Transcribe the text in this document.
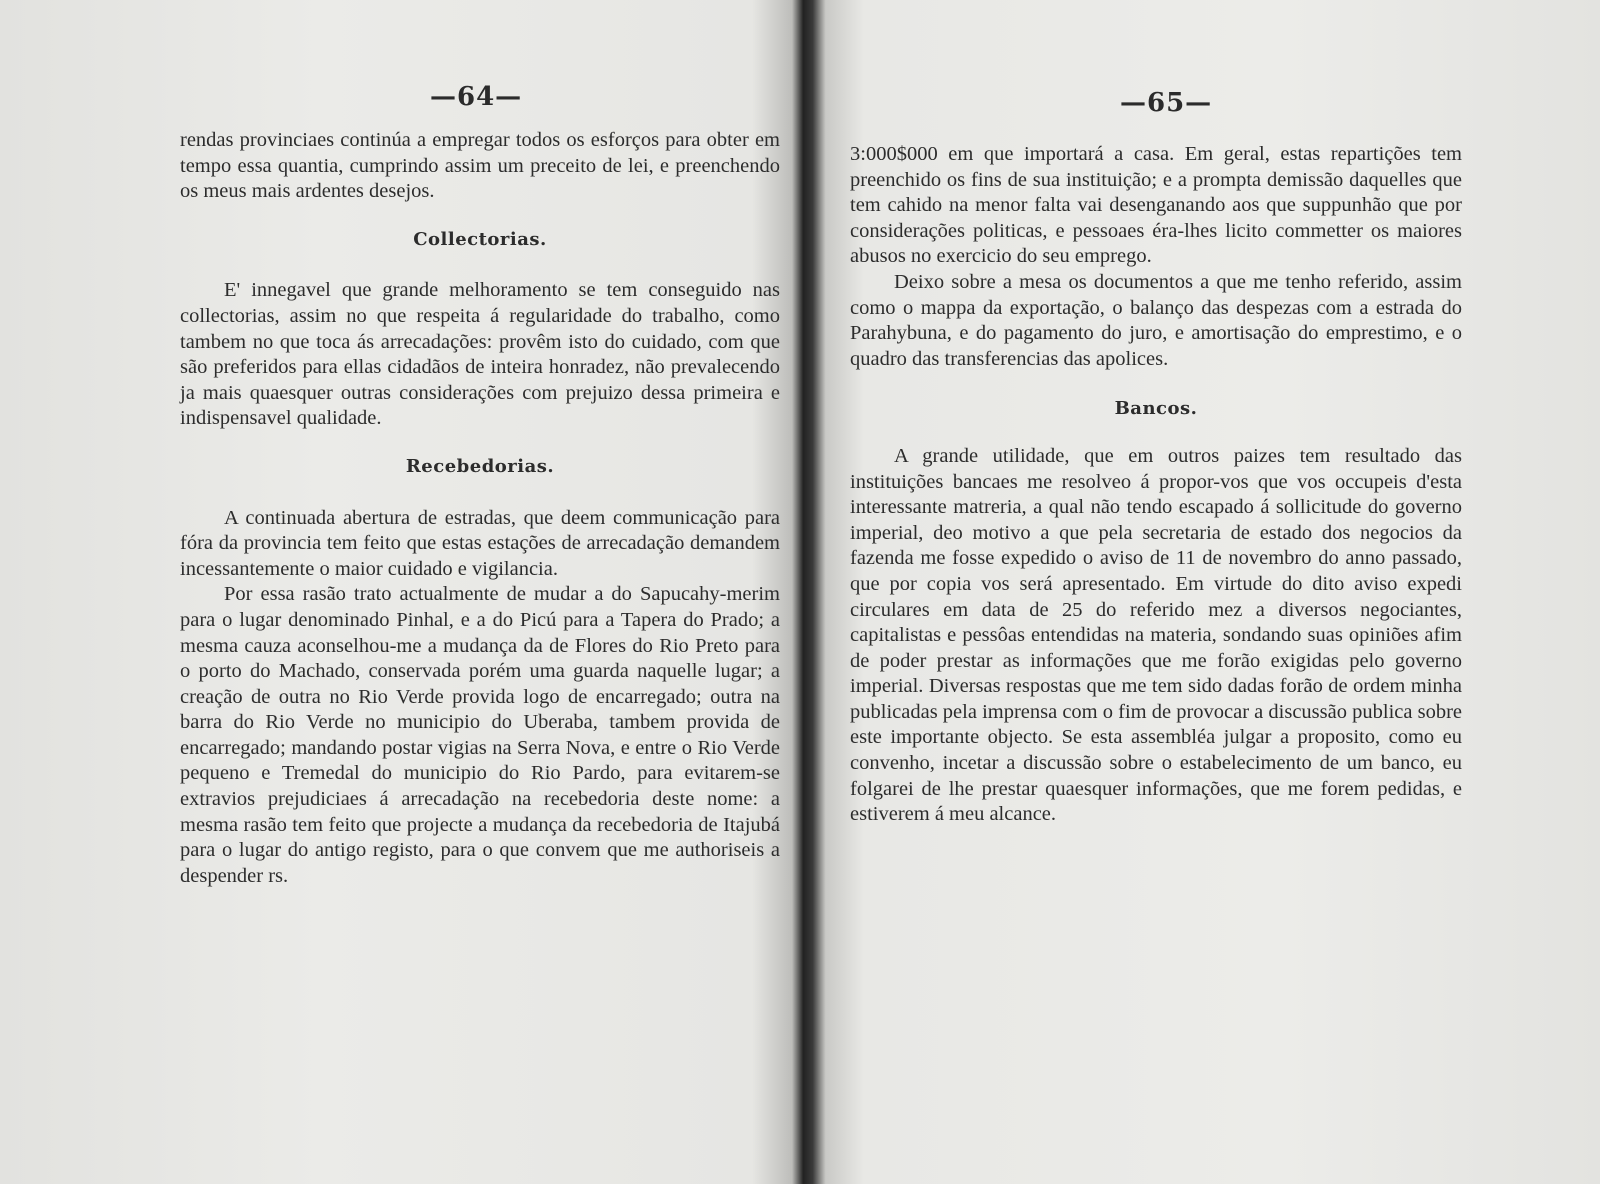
—64—

rendas provinciaes continúa a empregar todos os esforços para obter em tempo essa quantia, cumprindo assim um preceito de lei, e preenchendo os meus mais ardentes desejos.

Collectorias.

E' innegavel que grande melhoramento se tem conseguido nas collectorias, assim no que respeita á regularidade do trabalho, como tambem no que toca ás arrecadações: provêm isto do cuidado, com que são preferidos para ellas cidadãos de inteira honradez, não prevalecendo ja mais quaesquer outras considerações com prejuizo dessa primeira e indispensavel qualidade.

Recebedorias.

A continuada abertura de estradas, que deem communicação para fóra da provincia tem feito que estas estações de arrecadação demandem incessantemente o maior cuidado e vigilancia.

Por essa rasão trato actualmente de mudar a do Sapucahy-merim para o lugar denominado Pinhal, e a do Picú para a Tapera do Prado; a mesma cauza aconselhou-me a mudança da de Flores do Rio Preto para o porto do Machado, conservada porém uma guarda naquelle lugar; a creação de outra no Rio Verde provida logo de encarregado; outra na barra do Rio Verde no municipio do Uberaba, tambem provida de encarregado; mandando postar vigias na Serra Nova, e entre o Rio Verde pequeno e Tremedal do municipio do Rio Pardo, para evitarem-se extravios prejudiciaes á arrecadação na recebedoria deste nome: a mesma rasão tem feito que projecte a mudança da recebedoria de Itajubá para o lugar do antigo registo, para o que convem que me authoriseis a despender rs.

—65—

3:000$000 em que importará a casa. Em geral, estas repartições tem preenchido os fins de sua instituição; e a prompta demissão daquelles que tem cahido na menor falta vai desenganando aos que suppunhão que por considerações politicas, e pessoaes éra-lhes licito commetter os maiores abusos no exercicio do seu emprego.

Deixo sobre a mesa os documentos a que me tenho referido, assim como o mappa da exportação, o balanço das despezas com a estrada do Parahybuna, e do pagamento do juro, e amortisação do emprestimo, e o quadro das transferencias das apolices.

Bancos.

A grande utilidade, que em outros paizes tem resultado das instituições bancaes me resolveo á propor-vos que vos occupeis d'esta interessante matreria, a qual não tendo escapado á sollicitude do governo imperial, deo motivo a que pela secretaria de estado dos negocios da fazenda me fosse expedido o aviso de 11 de novembro do anno passado, que por copia vos será apresentado. Em virtude do dito aviso expedi circulares em data de 25 do referido mez a diversos negociantes, capitalistas e pessôas entendidas na materia, sondando suas opiniões afim de poder prestar as informações que me forão exigidas pelo governo imperial. Diversas respostas que me tem sido dadas forão de ordem minha publicadas pela imprensa com o fim de provocar a discussão publica sobre este importante objecto. Se esta assembléa julgar a proposito, como eu convenho, incetar a discussão sobre o estabelecimento de um banco, eu folgarei de lhe prestar quaesquer informações, que me forem pedidas, e estiverem á meu alcance.
